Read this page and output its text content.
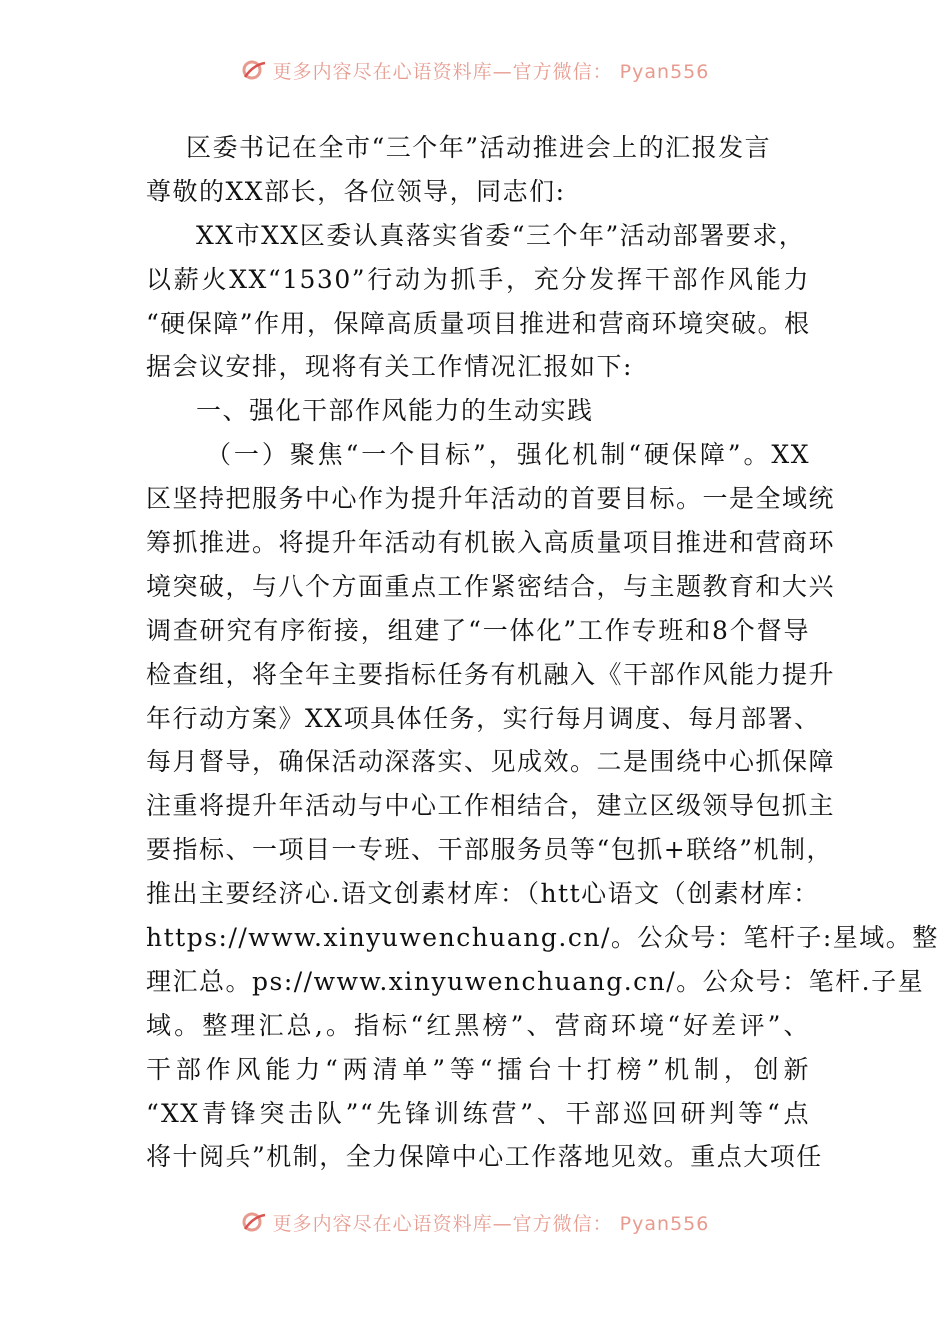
更多内容尽在心语资料库—官方微信： Pyan556
区委书记在全市“三个年”活动推进会上的汇报发言
尊敬的XX部长，各位领导，同志们:
XX市XX区委认真落实省委“三个年”活动部署要求，
以薪火XX“1530”行动为抓手，充分发挥干部作风能力
“硬保障”作用，保障高质量项目推进和营商环境突破。根
据会议安排，现将有关工作情况汇报如下:
一、强化干部作风能力的生动实践
（一）聚焦“一个目标”，强化机制“硬保障”。XX
区坚持把服务中心作为提升年活动的首要目标。一是全域统
筹抓推进。将提升年活动有机嵌入高质量项目推进和营商环
境突破，与八个方面重点工作紧密结合，与主题教育和大兴
调查研究有序衔接，组建了“一体化”工作专班和8个督导
检查组，将全年主要指标任务有机融入《干部作风能力提升
年行动方案》XX项具体任务，实行每月调度、每月部署、
每月督导，确保活动深落实、见成效。二是围绕中心抓保障
注重将提升年活动与中心工作相结合，建立区级领导包抓主
要指标、一项目一专班、干部服务员等“包抓+联络”机制，
推出主要经济心.语文创素材库：（htt心语文（创素材库：
https://www.xinyuwenchuang.cn/。公众号：笔杆子:星域。整
理汇总。ps://www.xinyuwenchuang.cn/。公众号：笔杆.子星
域。整理汇总,。指标“红黑榜”、营商环境“好差评”、
干部作风能力“两清单”等“擂台十打榜”机制，创新
“XX青锋突击队”“先锋训练营”、干部巡回研判等“点
将十阅兵”机制，全力保障中心工作落地见效。重点大项任
更多内容尽在心语资料库—官方微信： Pyan556
